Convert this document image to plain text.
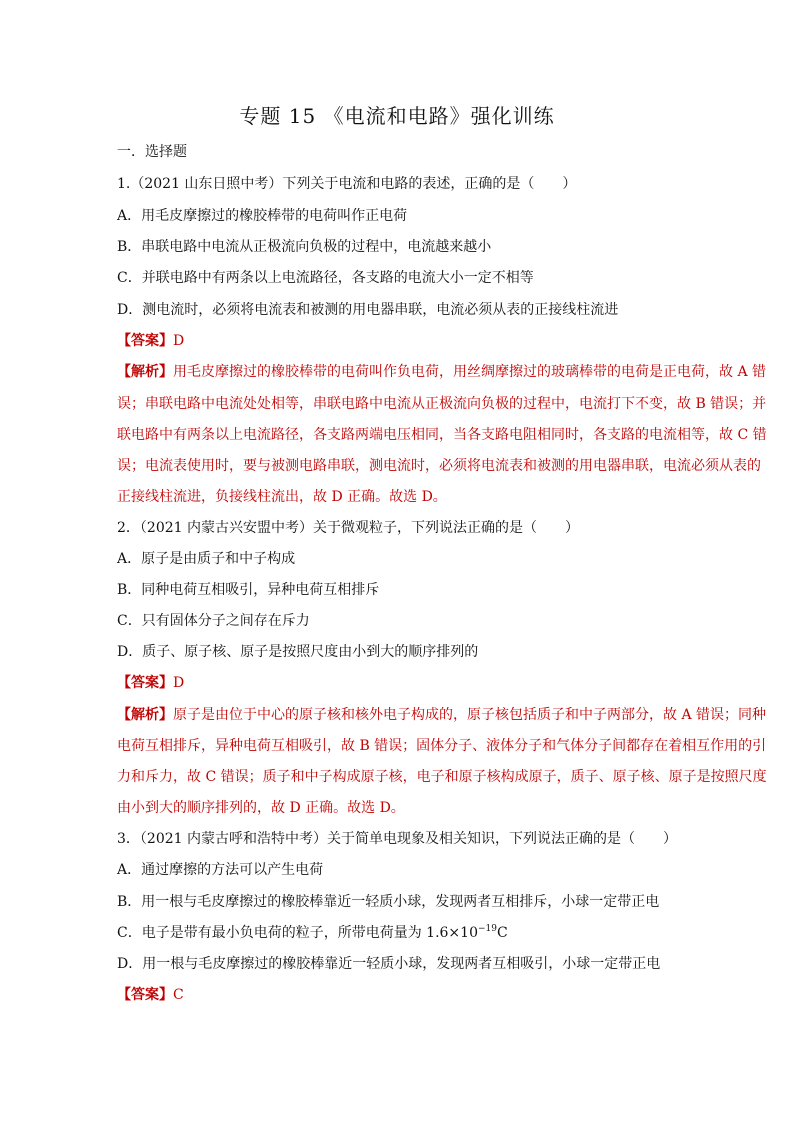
专题 15 《电流和电路》强化训练
一．选择题
1.（2021 山东日照中考）下列关于电流和电路的表述，正确的是（　　）
A．用毛皮摩擦过的橡胶棒带的电荷叫作正电荷
B．串联电路中电流从正极流向负极的过程中，电流越来越小
C．并联电路中有两条以上电流路径，各支路的电流大小一定不相等
D．测电流时，必须将电流表和被测的用电器串联，电流必须从表的正接线柱流进
【答案】D
【解析】用毛皮摩擦过的橡胶棒带的电荷叫作负电荷，用丝绸摩擦过的玻璃棒带的电荷是正电荷，故 A 错
误；串联电路中电流处处相等，串联电路中电流从正极流向负极的过程中，电流打下不变，故 B 错误；并
联电路中有两条以上电流路径，各支路两端电压相同，当各支路电阻相同时，各支路的电流相等，故 C 错
误；电流表使用时，要与被测电路串联，测电流时，必须将电流表和被测的用电器串联，电流必须从表的
正接线柱流进，负接线柱流出，故 D 正确。故选 D。
2．（2021 内蒙古兴安盟中考）关于微观粒子，下列说法正确的是（　　）
A．原子是由质子和中子构成
B．同种电荷互相吸引，异种电荷互相排斥
C．只有固体分子之间存在斥力
D．质子、原子核、原子是按照尺度由小到大的顺序排列的
【答案】D
【解析】原子是由位于中心的原子核和核外电子构成的，原子核包括质子和中子两部分，故 A 错误；同种
电荷互相排斥，异种电荷互相吸引，故 B 错误；固体分子、液体分子和气体分子间都存在着相互作用的引
力和斥力，故 C 错误；质子和中子构成原子核，电子和原子核构成原子，质子、原子核、原子是按照尺度
由小到大的顺序排列的，故 D 正确。故选 D。
3．（2021 内蒙古呼和浩特中考）关于简单电现象及相关知识，下列说法正确的是（　　）
A．通过摩擦的方法可以产生电荷
B．用一根与毛皮摩擦过的橡胶棒靠近一轻质小球，发现两者互相排斥，小球一定带正电
C．电子是带有最小负电荷的粒子，所带电荷量为 $1.6\times 10^{-19}C$
D．用一根与毛皮摩擦过的橡胶棒靠近一轻质小球，发现两者互相吸引，小球一定带正电
【答案】C
